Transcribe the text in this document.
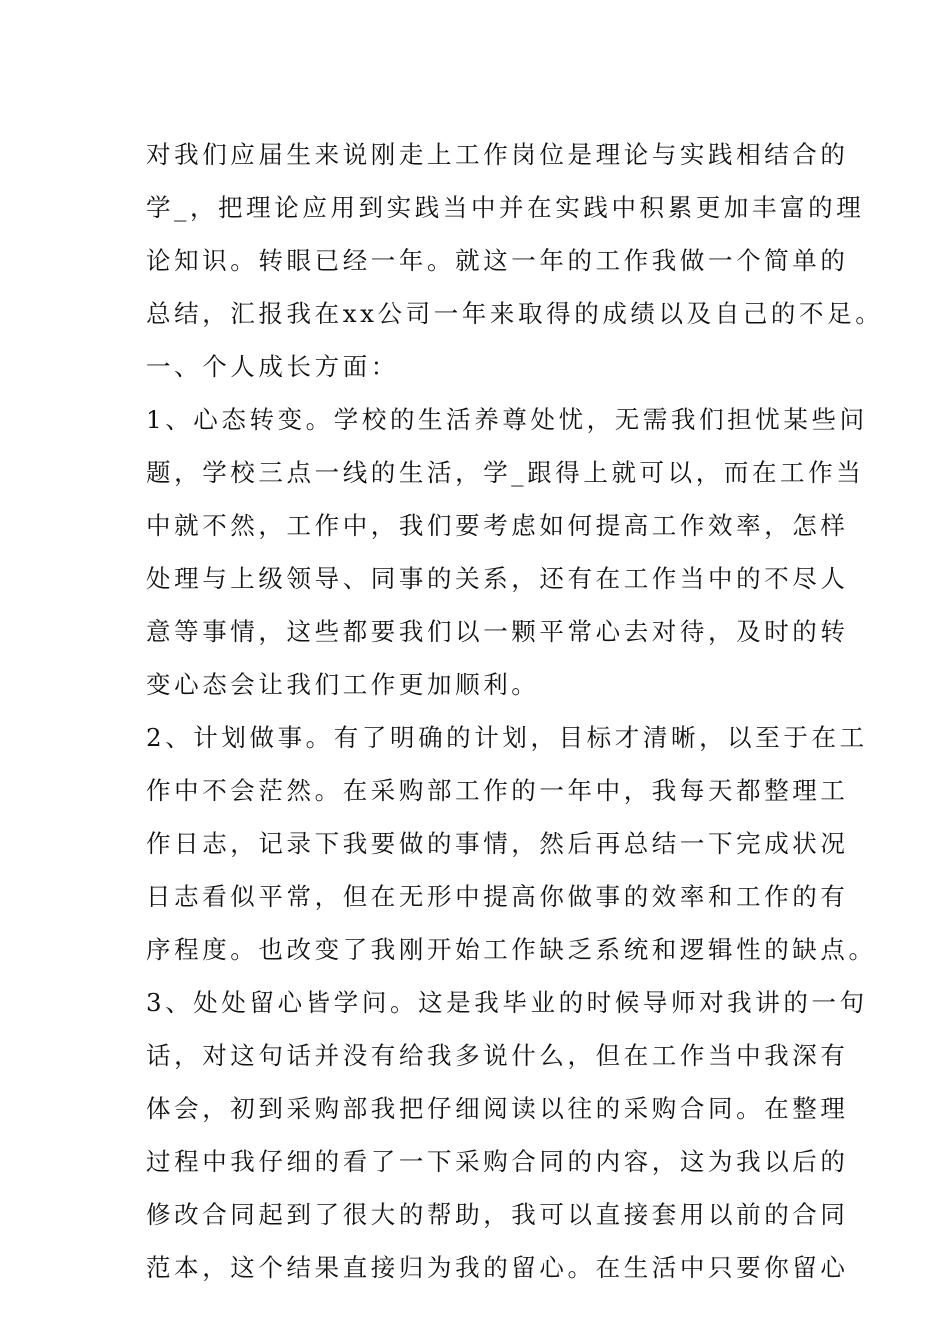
对我们应届生来说刚走上工作岗位是理论与实践相结合的
学_，把理论应用到实践当中并在实践中积累更加丰富的理
论知识。转眼已经一年。就这一年的工作我做一个简单的
总结，汇报我在xx公司一年来取得的成绩以及自己的不足。
一、个人成长方面：
1、心态转变。学校的生活养尊处忧，无需我们担忧某些问
题，学校三点一线的生活，学_跟得上就可以，而在工作当
中就不然，工作中，我们要考虑如何提高工作效率，怎样
处理与上级领导、同事的关系，还有在工作当中的不尽人
意等事情，这些都要我们以一颗平常心去对待，及时的转
变心态会让我们工作更加顺利。
2、计划做事。有了明确的计划，目标才清晰，以至于在工
作中不会茫然。在采购部工作的一年中，我每天都整理工
作日志，记录下我要做的事情，然后再总结一下完成状况
日志看似平常，但在无形中提高你做事的效率和工作的有
序程度。也改变了我刚开始工作缺乏系统和逻辑性的缺点。
3、处处留心皆学问。这是我毕业的时候导师对我讲的一句
话，对这句话并没有给我多说什么，但在工作当中我深有
体会，初到采购部我把仔细阅读以往的采购合同。在整理
过程中我仔细的看了一下采购合同的内容，这为我以后的
修改合同起到了很大的帮助，我可以直接套用以前的合同
范本，这个结果直接归为我的留心。在生活中只要你留心
